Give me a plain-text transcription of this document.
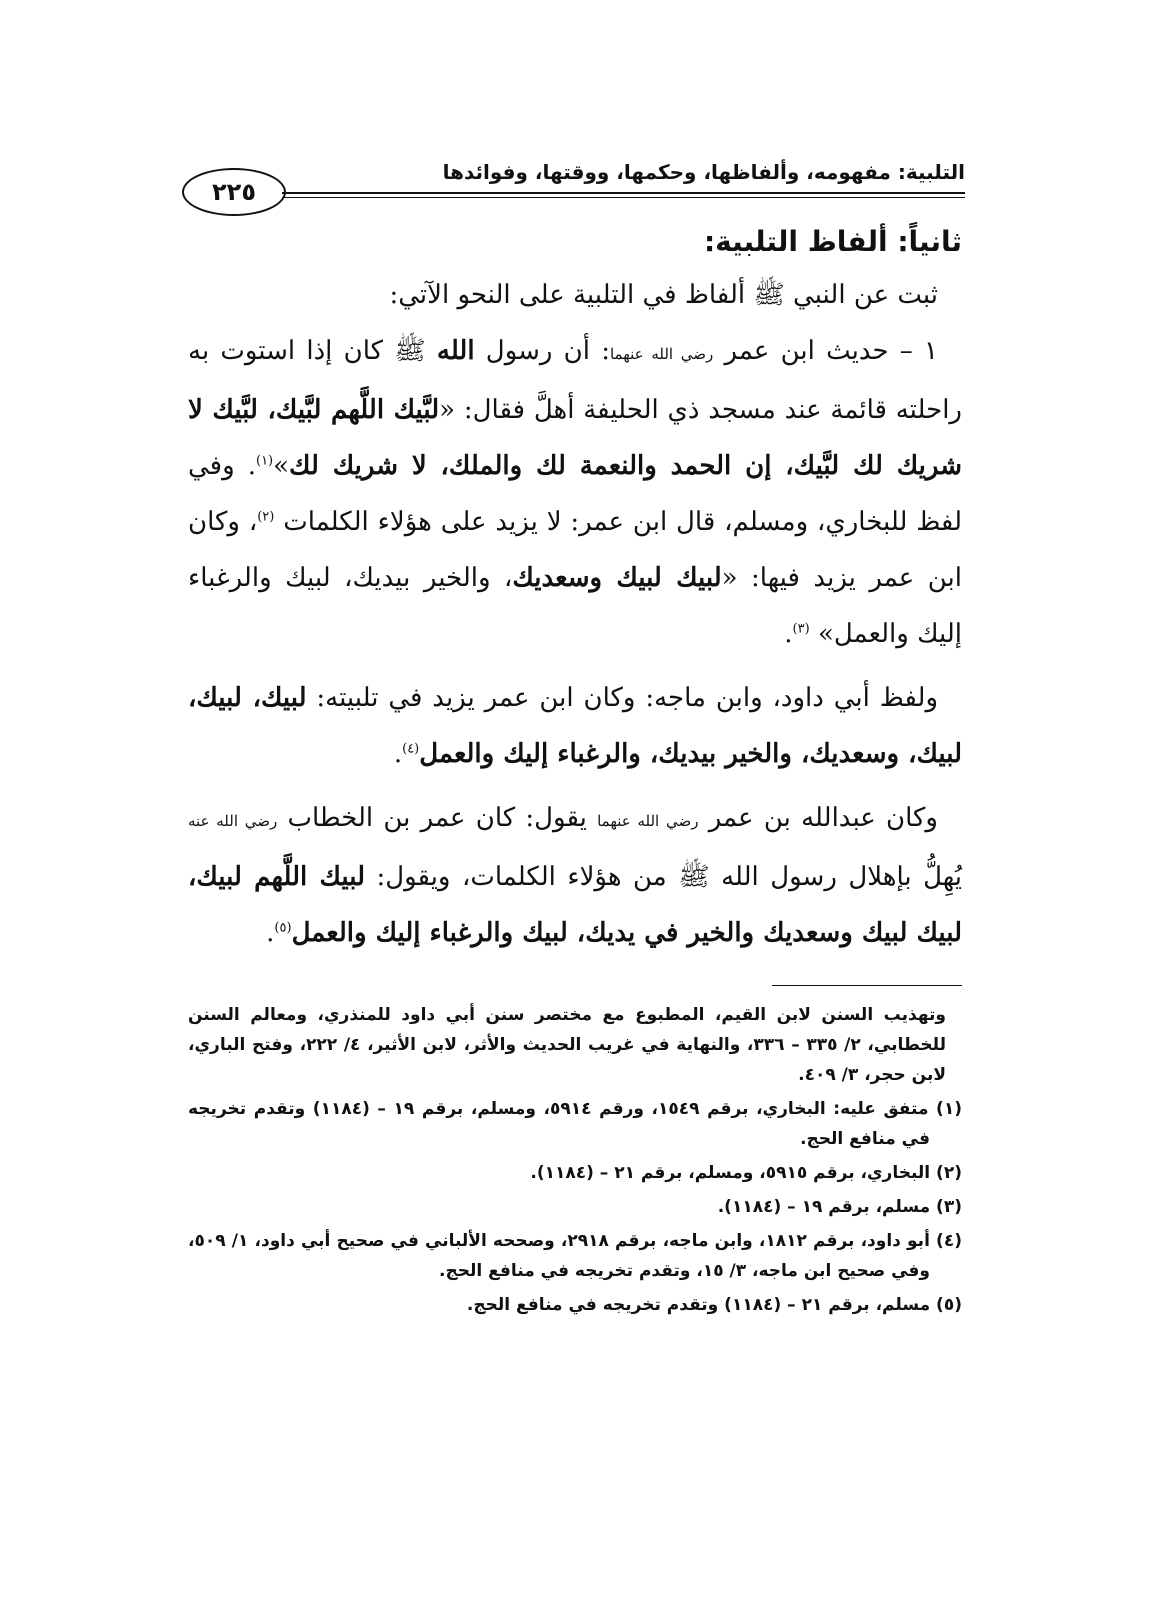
التلبية: مفهومه، وألفاظها، وحكمها، ووقتها، وفوائدها
٢٢٥
ثانياً: ألفاظ التلبية:

ثبت عن النبي ﷺ ألفاظ في التلبية على النحو الآتي:

١ – حديث ابن عمر رضي الله عنهما: أن رسول الله ﷺ كان إذا استوت به راحلته قائمة عند مسجد ذي الحليفة أهلَّ فقال: «لبَّيك اللَّهم لبَّيك، لبَّيك لا شريك لك لبَّيك، إن الحمد والنعمة لك والملك، لا شريك لك»$^{(١)}$. وفي لفظ للبخاري، ومسلم، قال ابن عمر: لا يزيد على هؤلاء الكلمات $^{(٢)}$، وكان ابن عمر يزيد فيها: «لبيك لبيك وسعديك، والخير بيديك، لبيك والرغباء إليك والعمل» $^{(٣)}$.

ولفظ أبي داود، وابن ماجه: وكان ابن عمر يزيد في تلبيته: لبيك، لبيك، لبيك، وسعديك، والخير بيديك، والرغباء إليك والعمل$^{(٤)}$.

وكان عبدالله بن عمر رضي الله عنهما يقول: كان عمر بن الخطاب رضي الله عنه يُهِلُّ بإهلال رسول الله ﷺ من هؤلاء الكلمات، ويقول: لبيك اللَّهم لبيك، لبيك لبيك وسعديك والخير في يديك، لبيك والرغباء إليك والعمل$^{(٥)}$.

وتهذيب السنن لابن القيم، المطبوع مع مختصر سنن أبي داود للمنذري، ومعالم السنن للخطابي، ٢/ ٣٣٥ – ٣٣٦، والنهاية في غريب الحديث والأثر، لابن الأثير، ٤/ ٢٢٢، وفتح الباري، لابن حجر، ٣/ ٤٠٩.

(١) متفق عليه: البخاري، برقم ١٥٤٩، ورقم ٥٩١٤، ومسلم، برقم ١٩ – (١١٨٤) وتقدم تخريجه في منافع الحج.

(٢) البخاري، برقم ٥٩١٥، ومسلم، برقم ٢١ – (١١٨٤).

(٣) مسلم، برقم ١٩ – (١١٨٤).

(٤) أبو داود، برقم ١٨١٢، وابن ماجه، برقم ٢٩١٨، وصححه الألباني في صحيح أبي داود، ١/ ٥٠٩، وفي صحيح ابن ماجه، ٣/ ١٥، وتقدم تخريجه في منافع الحج.

(٥) مسلم، برقم ٢١ – (١١٨٤) وتقدم تخريجه في منافع الحج.
